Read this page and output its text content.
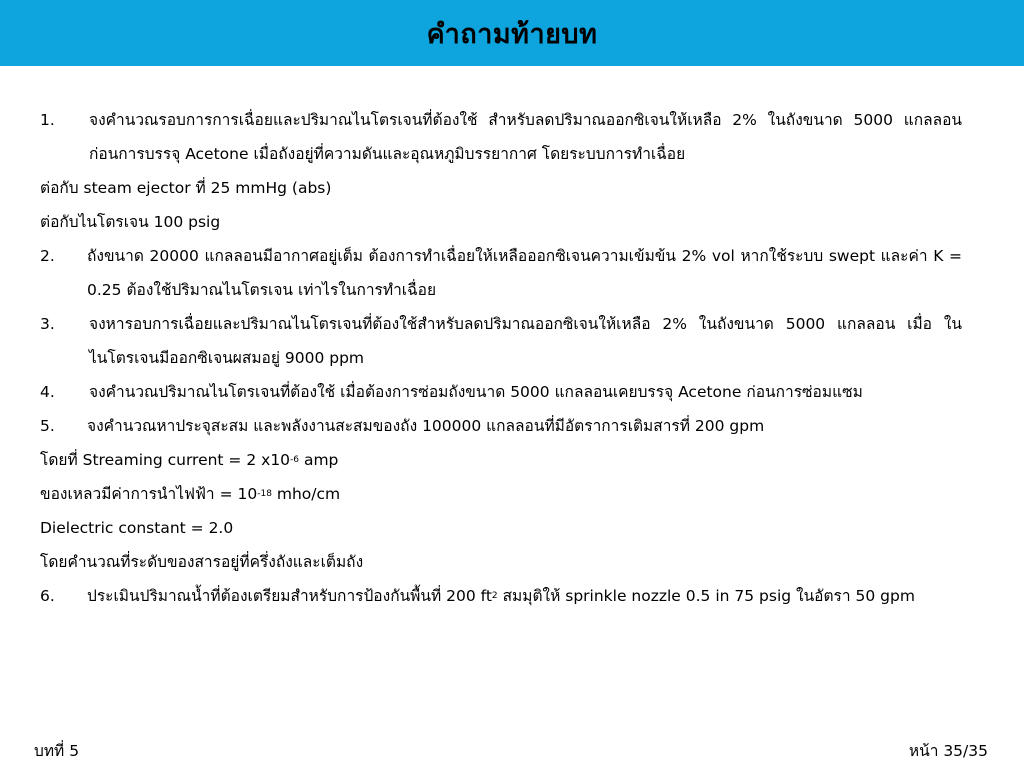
คำถามท้ายบท
1. จงคำนวณรอบการการเฉื่อยและปริมาณไนโตรเจนที่ต้องใช้ สำหรับลดปริมาณออกซิเจนให้เหลือ 2% ในถังขนาด 5000 แกลลอนก่อนการบรรจุ Acetone เมื่อถังอยู่ที่ความดันและอุณหภูมิบรรยากาศ โดยระบบการทำเฉื่อย
ต่อกับ steam ejector ที่ 25 mmHg (abs)
ต่อกับไนโตรเจน 100 psig
2. ถังขนาด 20000 แกลลอนมีอากาศอยู่เต็ม ต้องการทำเฉื่อยให้เหลือออกซิเจนความเข้มข้น 2% vol หากใช้ระบบ swept และค่า K = 0.25 ต้องใช้ปริมาณไนโตรเจน เท่าไรในการทำเฉื่อย
3. จงหารอบการเฉื่อยและปริมาณไนโตรเจนที่ต้องใช้สำหรับลดปริมาณออกซิเจนให้เหลือ 2% ในถังขนาด 5000 แกลลอน เมื่อ ในไนโตรเจนมีออกซิเจนผสมอยู่ 9000 ppm
4. จงคำนวณปริมาณไนโตรเจนที่ต้องใช้ เมื่อต้องการซ่อมถังขนาด 5000 แกลลอนเคยบรรจุ Acetone ก่อนการซ่อมแซม
5. จงคำนวณหาประจุสะสม และพลังงานสะสมของถัง 100000 แกลลอนที่มีอัตราการเติมสารที่ 200 gpm
โดยที่ Streaming current = 2 $x10^{-6}$ amp
ของเหลวมีค่าการนำไฟฟ้า = $10^{-18}$ mho/cm
Dielectric constant = 2.0
โดยคำนวณที่ระดับของสารอยู่ที่ครึ่งถังและเต็มถัง
6. ประเมินปริมาณน้ำที่ต้องเตรียมสำหรับการป้องกันพื้นที่ 200 $ft^2$ สมมุติให้ sprinkle nozzle 0.5 in 75 psig ในอัตรา 50 gpm
บทที่ 5	หน้า 35/35
